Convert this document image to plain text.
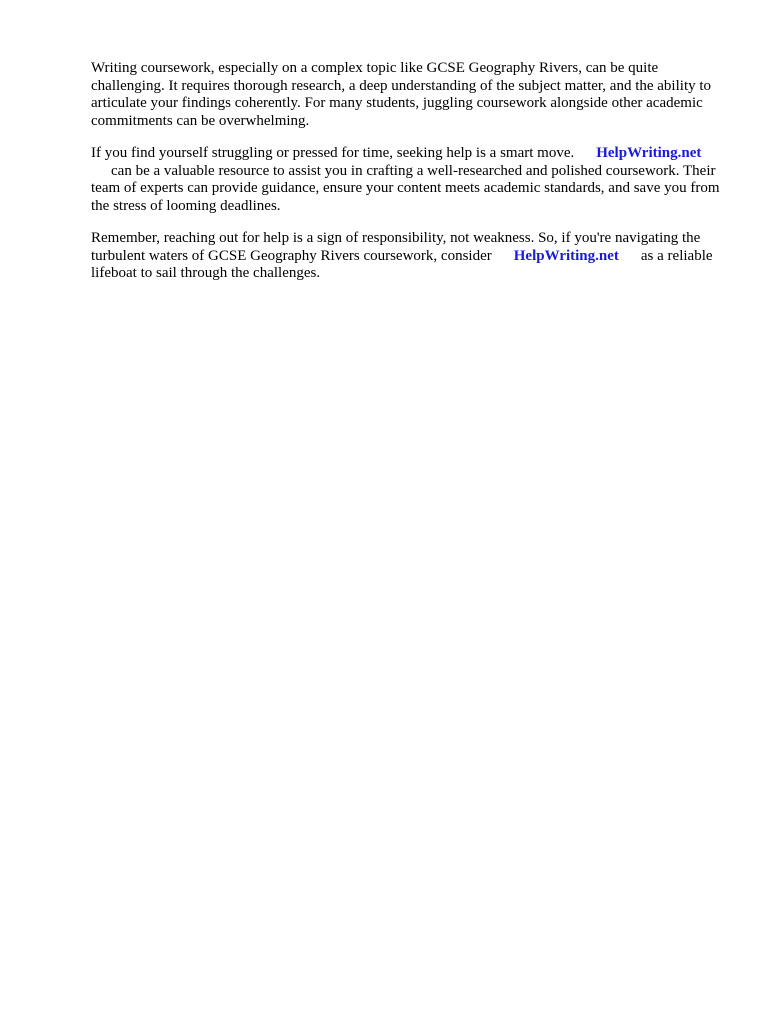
Writing coursework, especially on a complex topic like GCSE Geography Rivers, can be quite challenging. It requires thorough research, a deep understanding of the subject matter, and the ability to articulate your findings coherently. For many students, juggling coursework alongside other academic commitments can be overwhelming.

If you find yourself struggling or pressed for time, seeking help is a smart move. HelpWriting.net
can be a valuable resource to assist you in crafting a well-researched and polished coursework. Their team of experts can provide guidance, ensure your content meets academic standards, and save you from the stress of looming deadlines.

Remember, reaching out for help is a sign of responsibility, not weakness. So, if you're navigating the turbulent waters of GCSE Geography Rivers coursework, consider HelpWriting.net as a reliable lifeboat to sail through the challenges.
